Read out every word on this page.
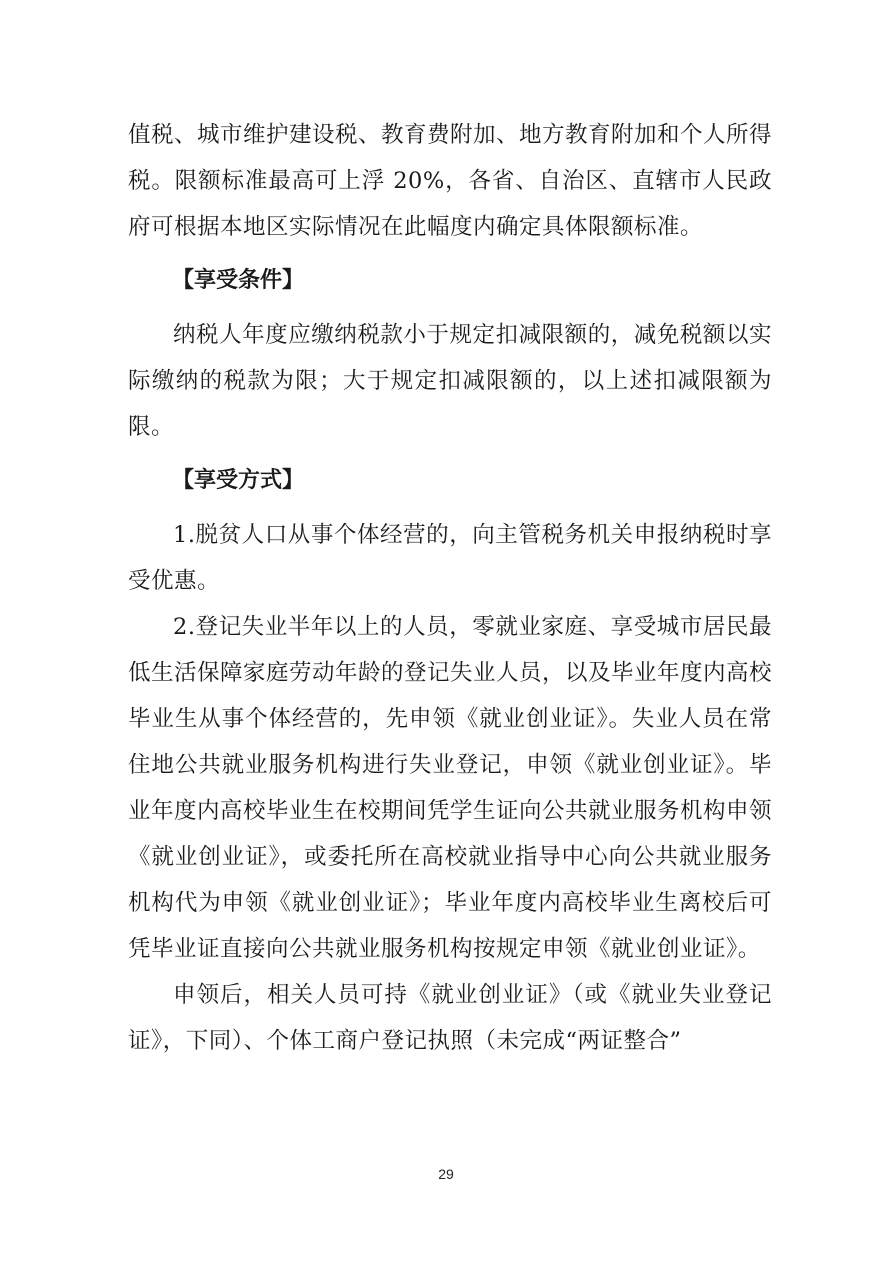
值税、城市维护建设税、教育费附加、地方教育附加和个人所得税。限额标准最高可上浮 20%，各省、自治区、直辖市人民政府可根据本地区实际情况在此幅度内确定具体限额标准。

【享受条件】

纳税人年度应缴纳税款小于规定扣减限额的，减免税额以实际缴纳的税款为限；大于规定扣减限额的，以上述扣减限额为限。

【享受方式】

1.脱贫人口从事个体经营的，向主管税务机关申报纳税时享受优惠。

2.登记失业半年以上的人员，零就业家庭、享受城市居民最低生活保障家庭劳动年龄的登记失业人员，以及毕业年度内高校毕业生从事个体经营的，先申领《就业创业证》。失业人员在常住地公共就业服务机构进行失业登记，申领《就业创业证》。毕业年度内高校毕业生在校期间凭学生证向公共就业服务机构申领《就业创业证》，或委托所在高校就业指导中心向公共就业服务机构代为申领《就业创业证》；毕业年度内高校毕业生离校后可凭毕业证直接向公共就业服务机构按规定申领《就业创业证》。

申领后，相关人员可持《就业创业证》（或《就业失业登记证》，下同）、个体工商户登记执照（未完成“两证整合”

29
